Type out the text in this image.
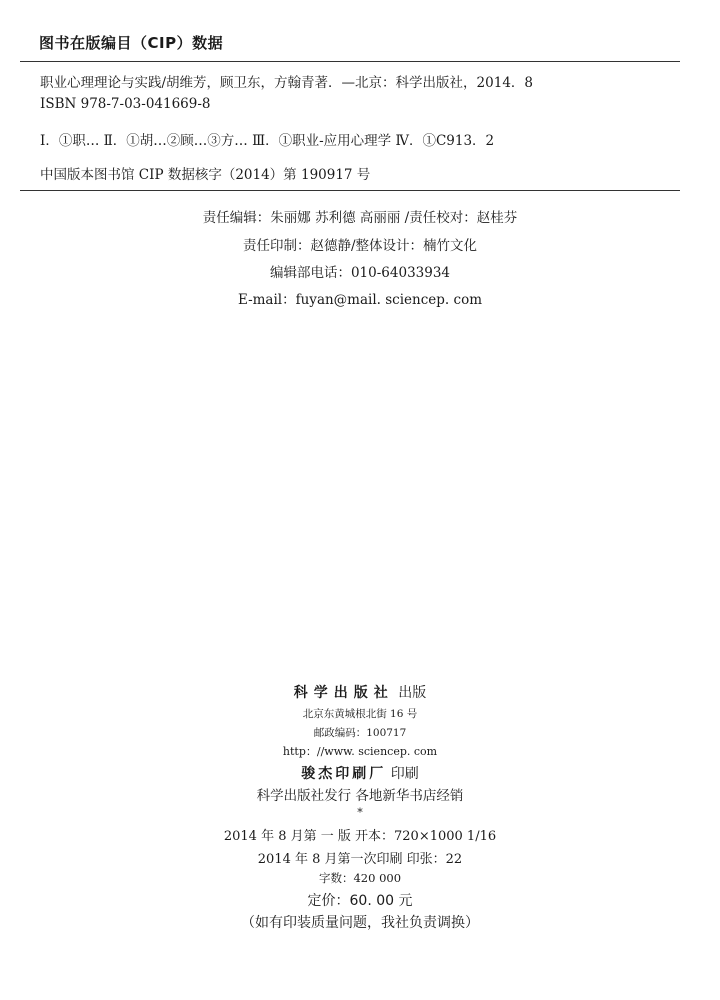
图书在版编目（CIP）数据
职业心理理论与实践/胡维芳，顾卫东，方翰青著．—北京：科学出版社，2014．8
ISBN 978-7-03-041669-8
Ⅰ．①职… Ⅱ．①胡…②顾…③方… Ⅲ．①职业-应用心理学 Ⅳ．①C913．2
中国版本图书馆 CIP 数据核字（2014）第 190917 号
责任编辑：朱丽娜 苏利德 高丽丽 /责任校对：赵桂芬
责任印制：赵德静/整体设计：楠竹文化
编辑部电话：010-64033934
E-mail：fuyan@mail. sciencep. com
科学出版社 出版
北京东黄城根北街 16 号
邮政编码：100717
http：//www. sciencep. com
骏杰印刷厂 印刷
科学出版社发行 各地新华书店经销
*
2014 年 8 月第 一 版 开本：720×1000 1/16
2014 年 8 月第一次印刷 印张：22
字数：420 000
定价：60. 00 元
（如有印装质量问题，我社负责调换）
